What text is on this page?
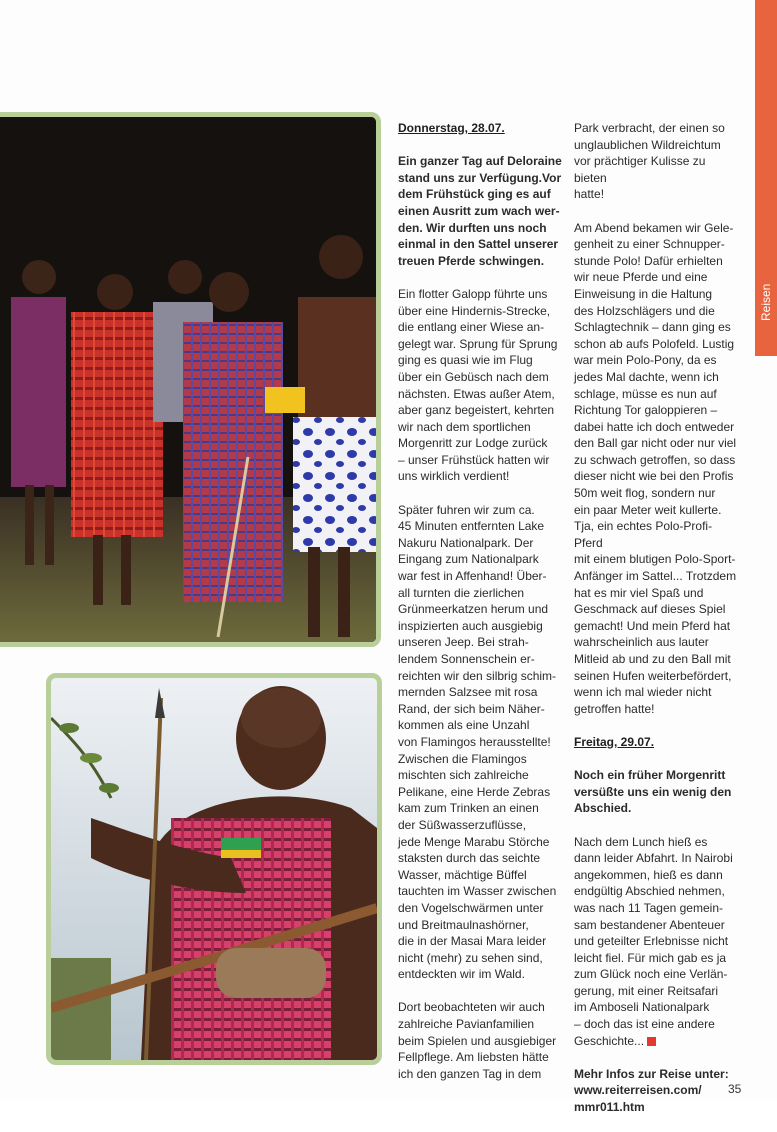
Donnerstag, 28.07.

Ein ganzer Tag auf Deloraine
stand uns zur Verfügung.Vor
dem Frühstück ging es auf
einen Ausritt zum wach wer-
den. Wir durften uns noch
einmal in den Sattel unserer
treuen Pferde schwingen.

Ein flotter Galopp führte uns
über eine Hindernis-Strecke,
die entlang einer Wiese an-
gelegt war. Sprung für Sprung
ging es quasi wie im Flug
über ein Gebüsch nach dem
nächsten. Etwas außer Atem,
aber ganz begeistert, kehrten
wir nach dem sportlichen
Morgenritt zur Lodge zurück
– unser Frühstück hatten wir
uns wirklich verdient!

Später fuhren wir zum ca.
45 Minuten entfernten Lake
Nakuru Nationalpark. Der
Eingang zum Nationalpark
war fest in Affenhand! Über-
all turnten die zierlichen
Grünmeerkatzen herum und
inspizierten auch ausgiebig
unseren Jeep. Bei strah-
lendem Sonnenschein er-
reichten wir den silbrig schim-
mernden Salzsee mit rosa
Rand, der sich beim Näher-
kommen als eine Unzahl
von Flamingos herausstellte!
Zwischen die Flamingos
mischten sich zahlreiche
Pelikane, eine Herde Zebras
kam zum Trinken an einen
der Süßwasserzuflüsse,
jede Menge Marabu Störche
staksten durch das seichte
Wasser, mächtige Büffel
tauchten im Wasser zwischen
den Vogelschwärmen unter
und Breitmaulnashörner,
die in der Masai Mara leider
nicht (mehr) zu sehen sind,
entdeckten wir im Wald.

Dort beobachteten wir auch
zahlreiche Pavianfamilien
beim Spielen und ausgiebiger
Fellpflege. Am liebsten hätte
ich den ganzen Tag in dem

Park verbracht, der einen so
unglaublichen Wildreichtum
vor prächtiger Kulisse zu bieten
hatte!

Am Abend bekamen wir Gele-
genheit zu einer Schnupper-
stunde Polo! Dafür erhielten
wir neue Pferde und eine
Einweisung in die Haltung
des Holzschlägers und die
Schlagtechnik – dann ging es
schon ab aufs Polofeld. Lustig
war mein Polo-Pony, da es
jedes Mal dachte, wenn ich
schlage, müsse es nun auf
Richtung Tor galoppieren –
dabei hatte ich doch entweder
den Ball gar nicht oder nur viel
zu schwach getroffen, so dass
dieser nicht wie bei den Profis
50m weit flog, sondern nur
ein paar Meter weit kullerte.
Tja, ein echtes Polo-Profi-Pferd
mit einem blutigen Polo-Sport-
Anfänger im Sattel... Trotzdem
hat es mir viel Spaß und
Geschmack auf dieses Spiel
gemacht! Und mein Pferd hat
wahrscheinlich aus lauter
Mitleid ab und zu den Ball mit
seinen Hufen weiterbefördert,
wenn ich mal wieder nicht
getroffen hatte!

Freitag, 29.07.

Noch ein früher Morgenritt
versüßte uns ein wenig den
Abschied.

Nach dem Lunch hieß es
dann leider Abfahrt. In Nairobi
angekommen, hieß es dann
endgültig Abschied nehmen,
was nach 11 Tagen gemein-
sam bestandener Abenteuer
und geteilter Erlebnisse nicht
leicht fiel. Für mich gab es ja
zum Glück noch eine Verlän-
gerung, mit einer Reitsafari
im Amboseli Nationalpark
– doch das ist eine andere
Geschichte...

Mehr Infos zur Reise unter:
www.reiterreisen.com/
mmr011.htm

35
